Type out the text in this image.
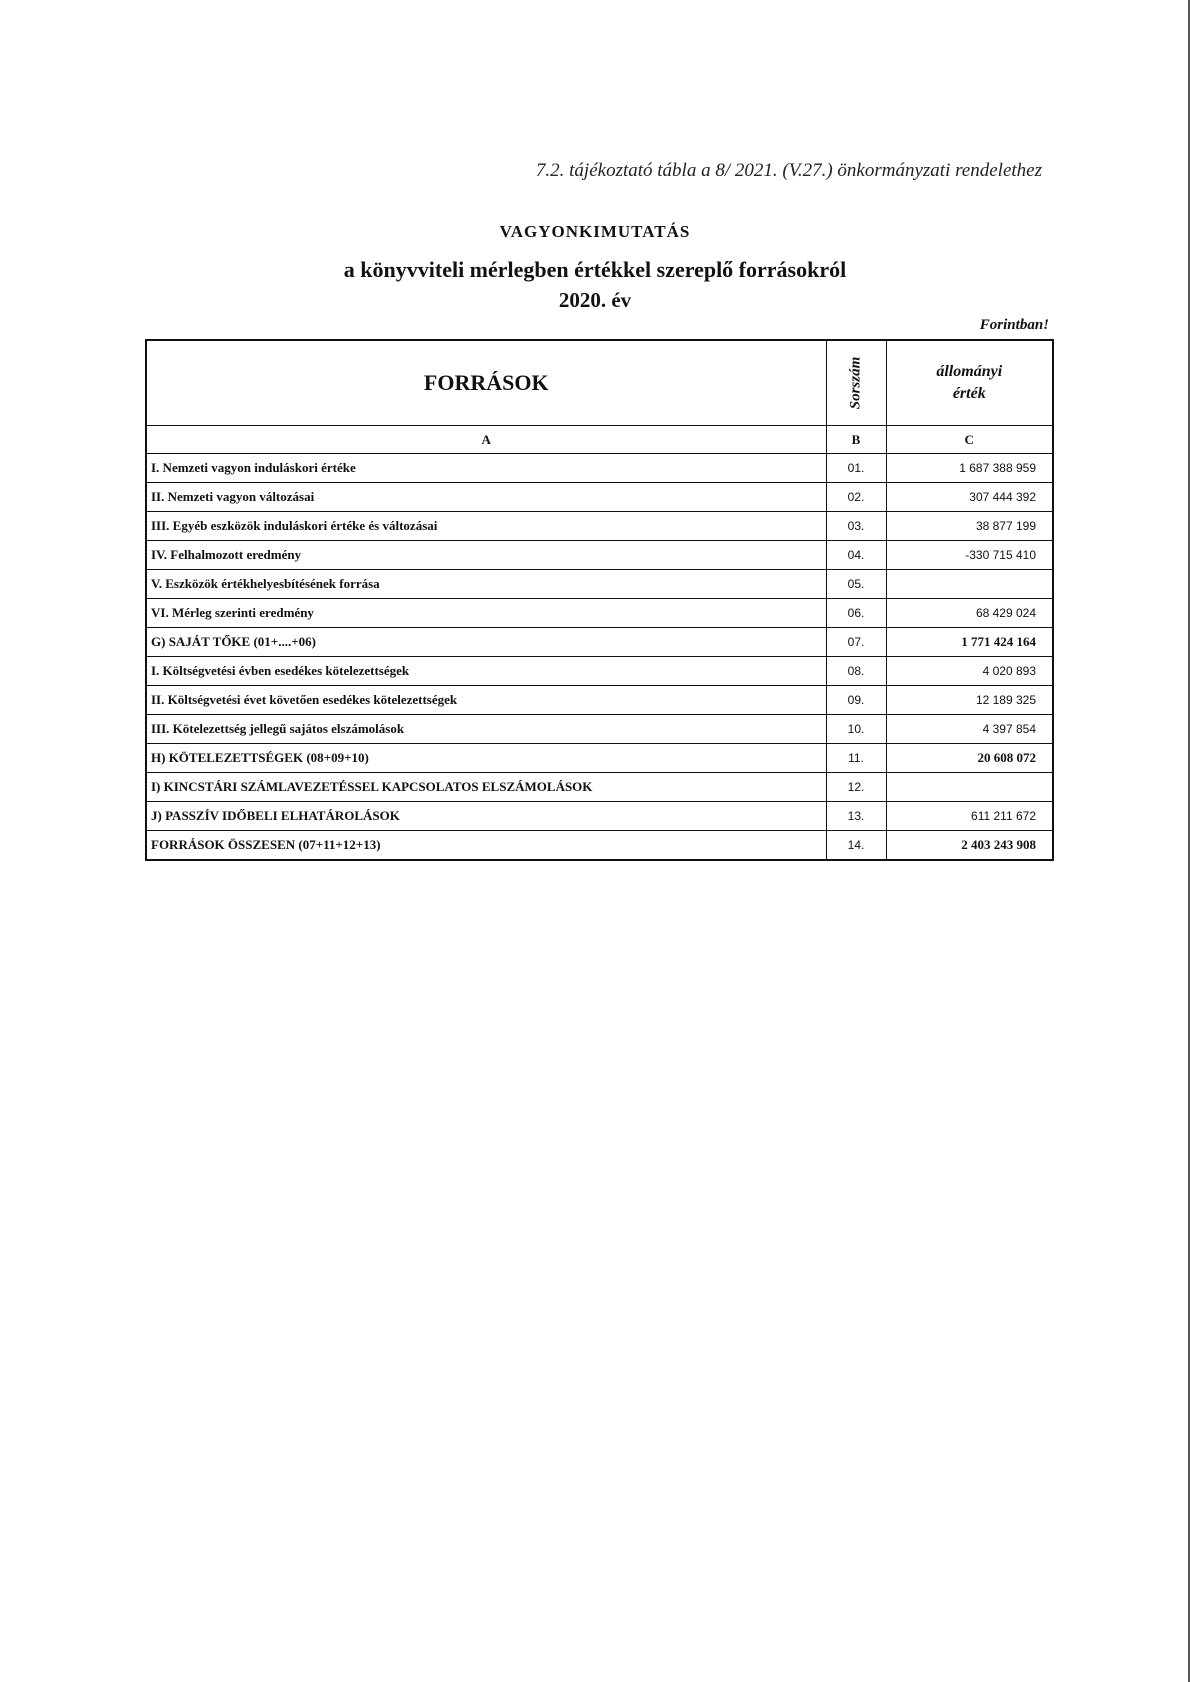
7.2. tájékoztató tábla a 8/ 2021. (V.27.) önkormányzati rendelethez
VAGYONKIMUTATÁS
a könyvviteli mérlegben értékkel szereplő forrásokról
2020. év
Forintban!
FORRÁSOK	Sorszám	állományi
érték

A	B	C
I. Nemzeti vagyon induláskori értéke	01.	1 687 388 959
II. Nemzeti vagyon változásai	02.	307 444 392
III. Egyéb eszközök induláskori értéke és változásai	03.	38 877 199
IV. Felhalmozott eredmény	04.	-330 715 410
V. Eszközök értékhelyesbítésének forrása	05.	
VI. Mérleg szerinti eredmény	06.	68 429 024
G) SAJÁT TŐKE (01+....+06)	07.	1 771 424 164
I. Költségvetési évben esedékes kötelezettségek	08.	4 020 893
II. Költségvetési évet követően esedékes kötelezettségek	09.	12 189 325
III. Kötelezettség jellegű sajátos elszámolások	10.	4 397 854
H) KÖTELEZETTSÉGEK (08+09+10)	11.	20 608 072
I) KINCSTÁRI SZÁMLAVEZETÉSSEL KAPCSOLATOS ELSZÁMOLÁSOK	12.	
J) PASSZÍV IDŐBELI ELHATÁROLÁSOK	13.	611 211 672
FORRÁSOK ÖSSZESEN (07+11+12+13)	14.	2 403 243 908
